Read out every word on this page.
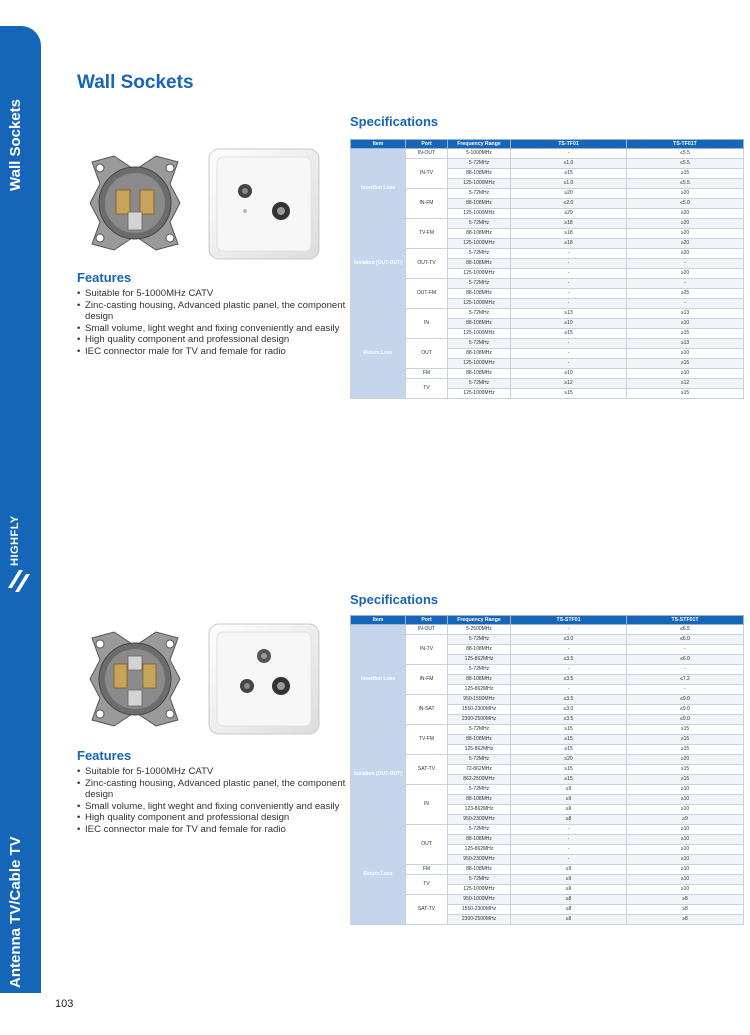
Wall Sockets
HIGHFLY
Antenna TV/Cable TV
Wall Sockets
Features
• Suitable for 5-1000MHz CATV
• Zinc-casting housing, Advanced plastic panel, the component design
• Small volume, light weght and fixing conveniently and easily
• High quality component and professional design
• IEC connector male for TV and female for radio
Specifications
Item	Port	Frequency Range	TS-TF01	TS-TF01T
	IN-OUT	5-1000MHz	-	≤5.5
Insertion Loss	IN-TV	5-72MHz	≤1.0	≤5.5
		88-108MHz	≥15	≥15
		125-1000MHz	≤1.0	≤5.5
	IN-FM	5-72MHz	≥20	≥20
		88-108MHz	≤2.0	≤5.0
		125-1000MHz	≥20	≥20
Isolation (OUT-OUT)	TV-FM	5-72MHz	≥18	≥20
		88-108MHz	≥18	≥20
		125-1000MHz	≥18	≥20
	OUT-TV	5-72MHz	-	≥20
		88-108MHz	-	-
		125-1000MHz	-	≥20
	OUT-FM	5-72MHz	-	-
		88-108MHz	-	≥25
		125-1000MHz	-	-
Return Loss	IN	5-72MHz	≥13	≥13
		88-108MHz	≥10	≥10
		125-1000MHz	≥15	≥15
	OUT	5-72MHz	-	≥13
		88-108MHz	-	≥10
		125-1000MHz	-	≥15
	FM	88-108MHz	≥10	≥10
	TV	5-72MHz	≥12	≥12
		125-1000MHz	≥15	≥15
Features
• Suitable for 5-1000MHz CATV
• Zinc-casting housing, Advanced plastic panel, the component design
• Small volume, light weght and fixing conveniently and easily
• High quality component and professional design
• IEC connector male for TV and female for radio
Specifications
Item	Port	Frequency Range	TS-STF01	TS-STF01T
	IN-OUT	5-2500MHz	-	≤6.5
Insertion Loss	IN-TV	5-72MHz	≤3.0	≤6.0
		88-108MHz	-	-
		125-862MHz	≤3.5	≤6.0
	IN-FM	5-72MHz	-	-
		88-108MHz	≤3.5	≤7.2
		125-862MHz	-	-
	IN-SAT	950-1550MHz	≤3.5	≤9.0
		1550-2300MHz	≤3.0	≤9.0
		2300-2500MHz	≤3.5	≤9.0
Isolation (OUT-OUT)	TV-FM	5-72MHz	≥15	≥15
		88-108MHz	≥15	≥15
		125-862MHz	≥15	≥15
	SAT-TV	5-72MHz	≥20	≥20
		72-862MHz	≥15	≥15
		862-2500MHz	≥15	≥15
	IN	5-72MHz	≥9	≥10
		88-108MHz	≥9	≥10
		123-862MHz	≥9	≥10
		950-2300MHz	≥8	≥9
Return Loss	OUT	5-72MHz	-	≥10
		88-108MHz	-	≥10
		125-862MHz	-	≥10
		950-2300MHz	-	≥10
	FM	88-108MHz	≥9	≥10
	TV	5-72MHz	≥9	≥10
		125-1000MHz	≥9	≥10
	SAT-TV	950-1000MHz	≥8	≥8
		1550-2300MHz	≥8	≥8
		2300-2500MHz	≥8	≥8
103
